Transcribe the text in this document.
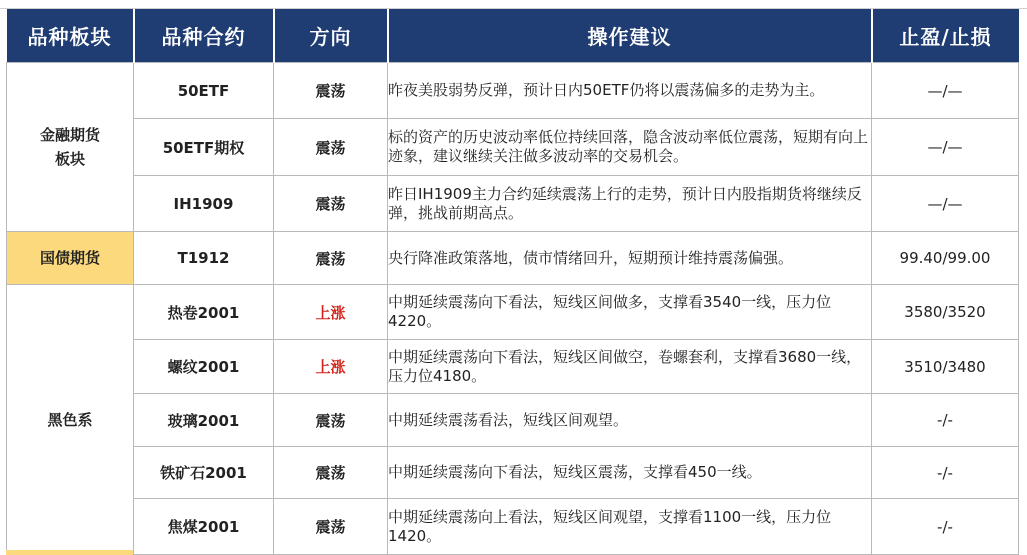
品种板块	品种合约	方向	操作建议	止盈/止损

金融期货板块	50ETF	震荡	昨夜美股弱势反弹，预计日内50ETF仍将以震荡偏多的走势为主。	—/—
	50ETF期权	震荡	标的资产的历史波动率低位持续回落，隐含波动率低位震荡，短期有向上迹象，建议继续关注做多波动率的交易机会。	—/—
	IH1909	震荡	昨日IH1909主力合约延续震荡上行的走势，预计日内股指期货将继续反弹，挑战前期高点。	—/—
国债期货	T1912	震荡	央行降准政策落地，债市情绪回升，短期预计维持震荡偏强。	99.40/99.00
黑色系	热卷2001	上涨	中期延续震荡向下看法，短线区间做多，支撑看3540一线，压力位4220。	3580/3520
	螺纹2001	上涨	中期延续震荡向下看法，短线区间做空，卷螺套利，支撑看3680一线，压力位4180。	3510/3480
	玻璃2001	震荡	中期延续震荡看法，短线区间观望。	-/-
	铁矿石2001	震荡	中期延续震荡向下看法，短线区震荡，支撑看450一线。	-/-
	焦煤2001	震荡	中期延续震荡向上看法，短线区间观望，支撑看1100一线，压力位1420。	-/-
